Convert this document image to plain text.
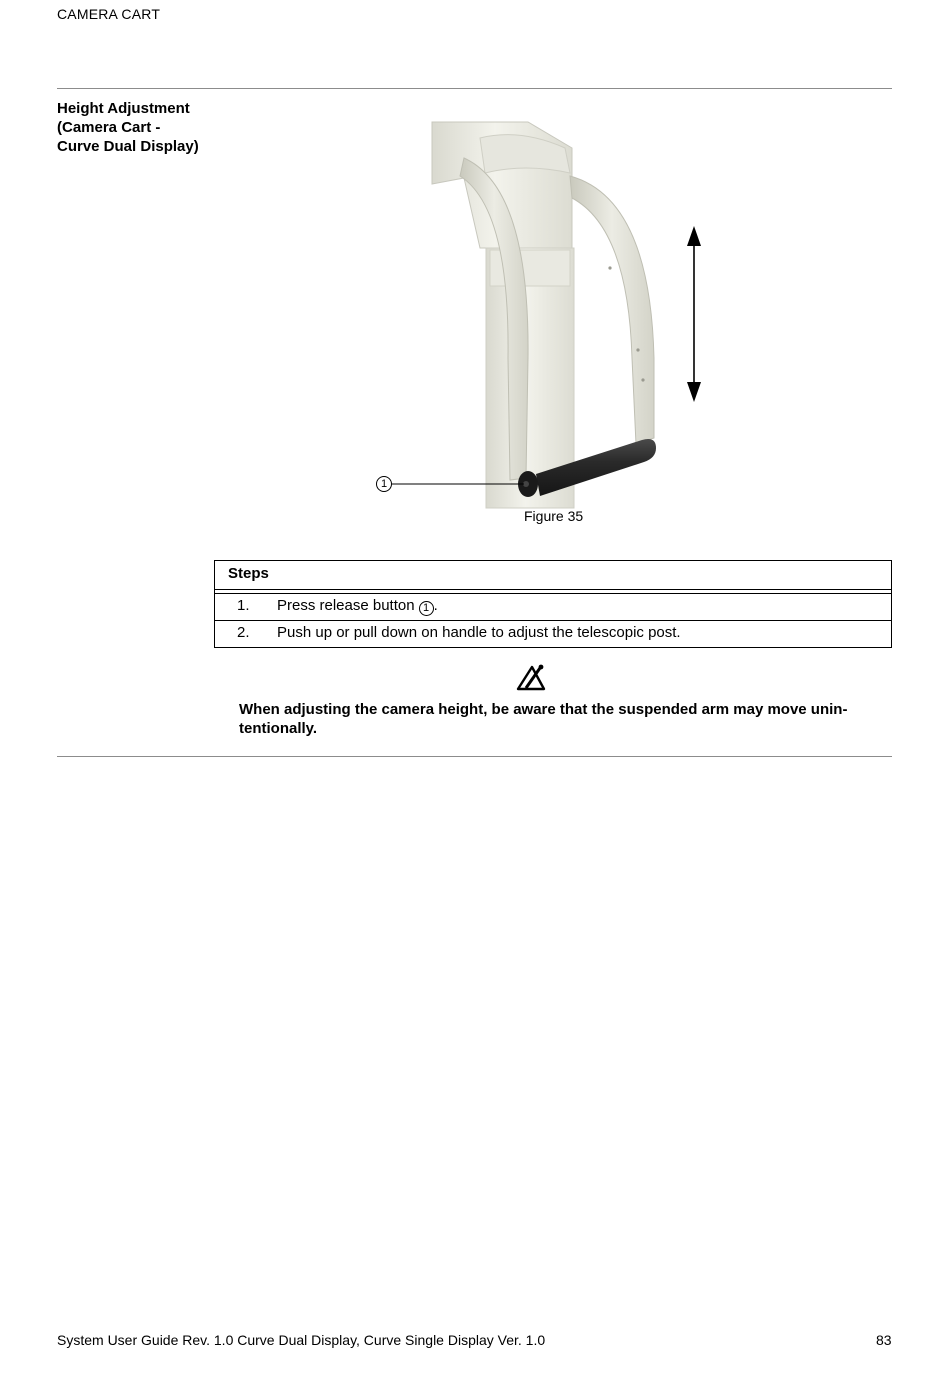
CAMERA CART
Height Adjustment
(Camera Cart -
Curve Dual Display)
1
Figure 35
Steps
1. Press release button 1 .
2. Push up or pull down on handle to adjust the telescopic post.
When adjusting the camera height, be aware that the suspended arm may move unin-tentionally.
System User Guide Rev. 1.0 Curve Dual Display, Curve Single Display Ver. 1.0	83
